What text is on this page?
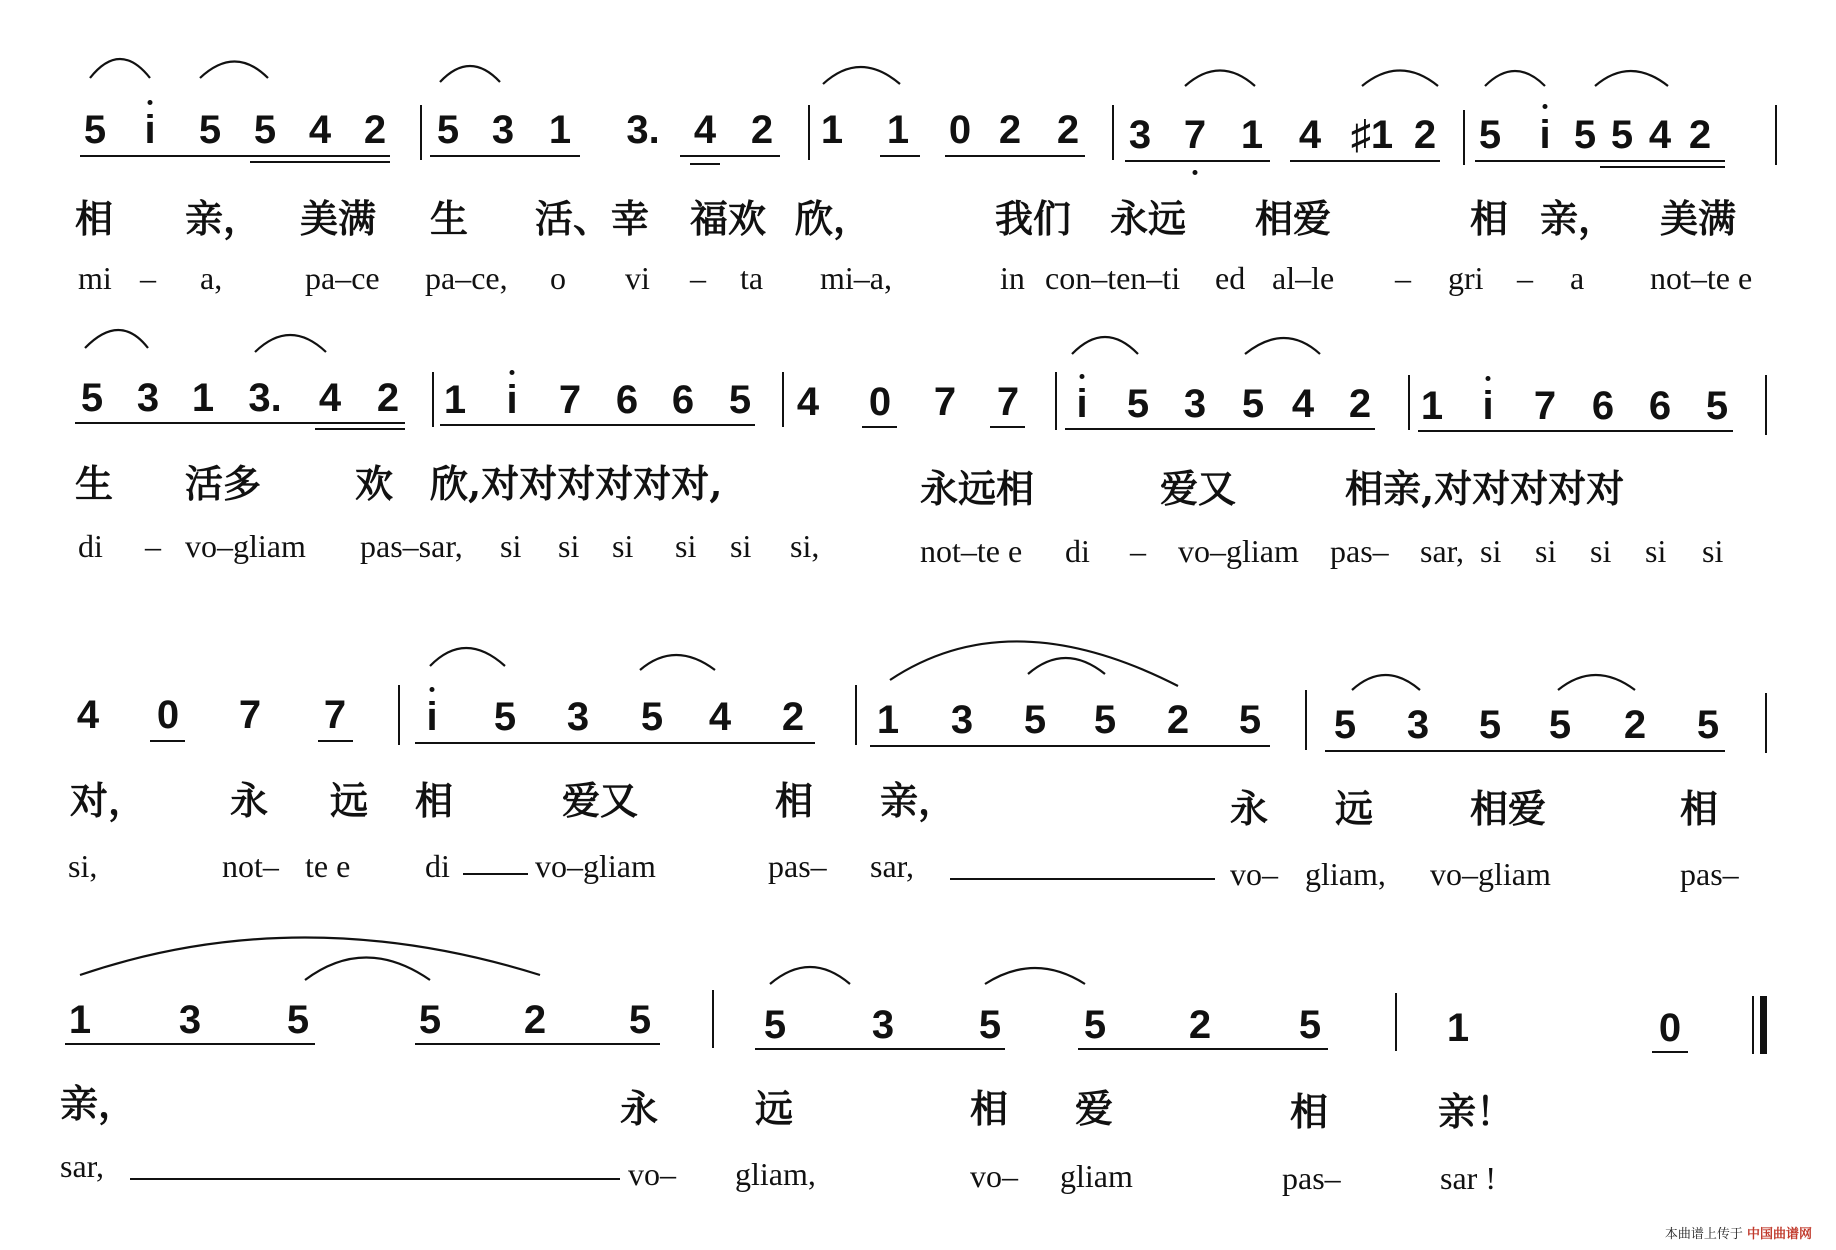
5 i 5 5 4 2 5 3 1 3. 4 2 1 1 0 2 2 3 7 1 4 ♯1 2 5 i 5 5 4 2
相 亲， 美满 生 活、幸 福欢 欣，	我们 永远 相爱	相 亲， 美满
mi – a,	pa–ce pa–ce, o vi – ta mi–a,	in con–ten–ti ed al–le – gri – a not–te e
5 3 1 3. 4 2 1 i 7 6 6 5 4 0 7 7 i 5 3 5 4 2 1 i 7 6 6 5
生 活多 欢 欣,对对对对对对,	永远相	爱又	相亲,对对对对对
di – vo–gliam pas–sar, si si si si si si,	not–te e di – vo–gliam pas– sar, si si si si si
4 0 7 7 i 5 3 5 4 2 1 3 5 5 2 5 5 3 5 5 2 5
对， 永 远 相	爱又	相 亲，	永 远	相爱	相
si,	not– te e di	vo–gliam	pas– sar,	vo– gliam, vo–gliam	pas–
1 3 5	5 2 5	5 3 5 5 2 5	1	0
亲，	永	远	相 爱	相	亲！
sar,	vo– gliam,	vo– gliam	pas–	sar !
本曲谱上传于 中国曲谱网
